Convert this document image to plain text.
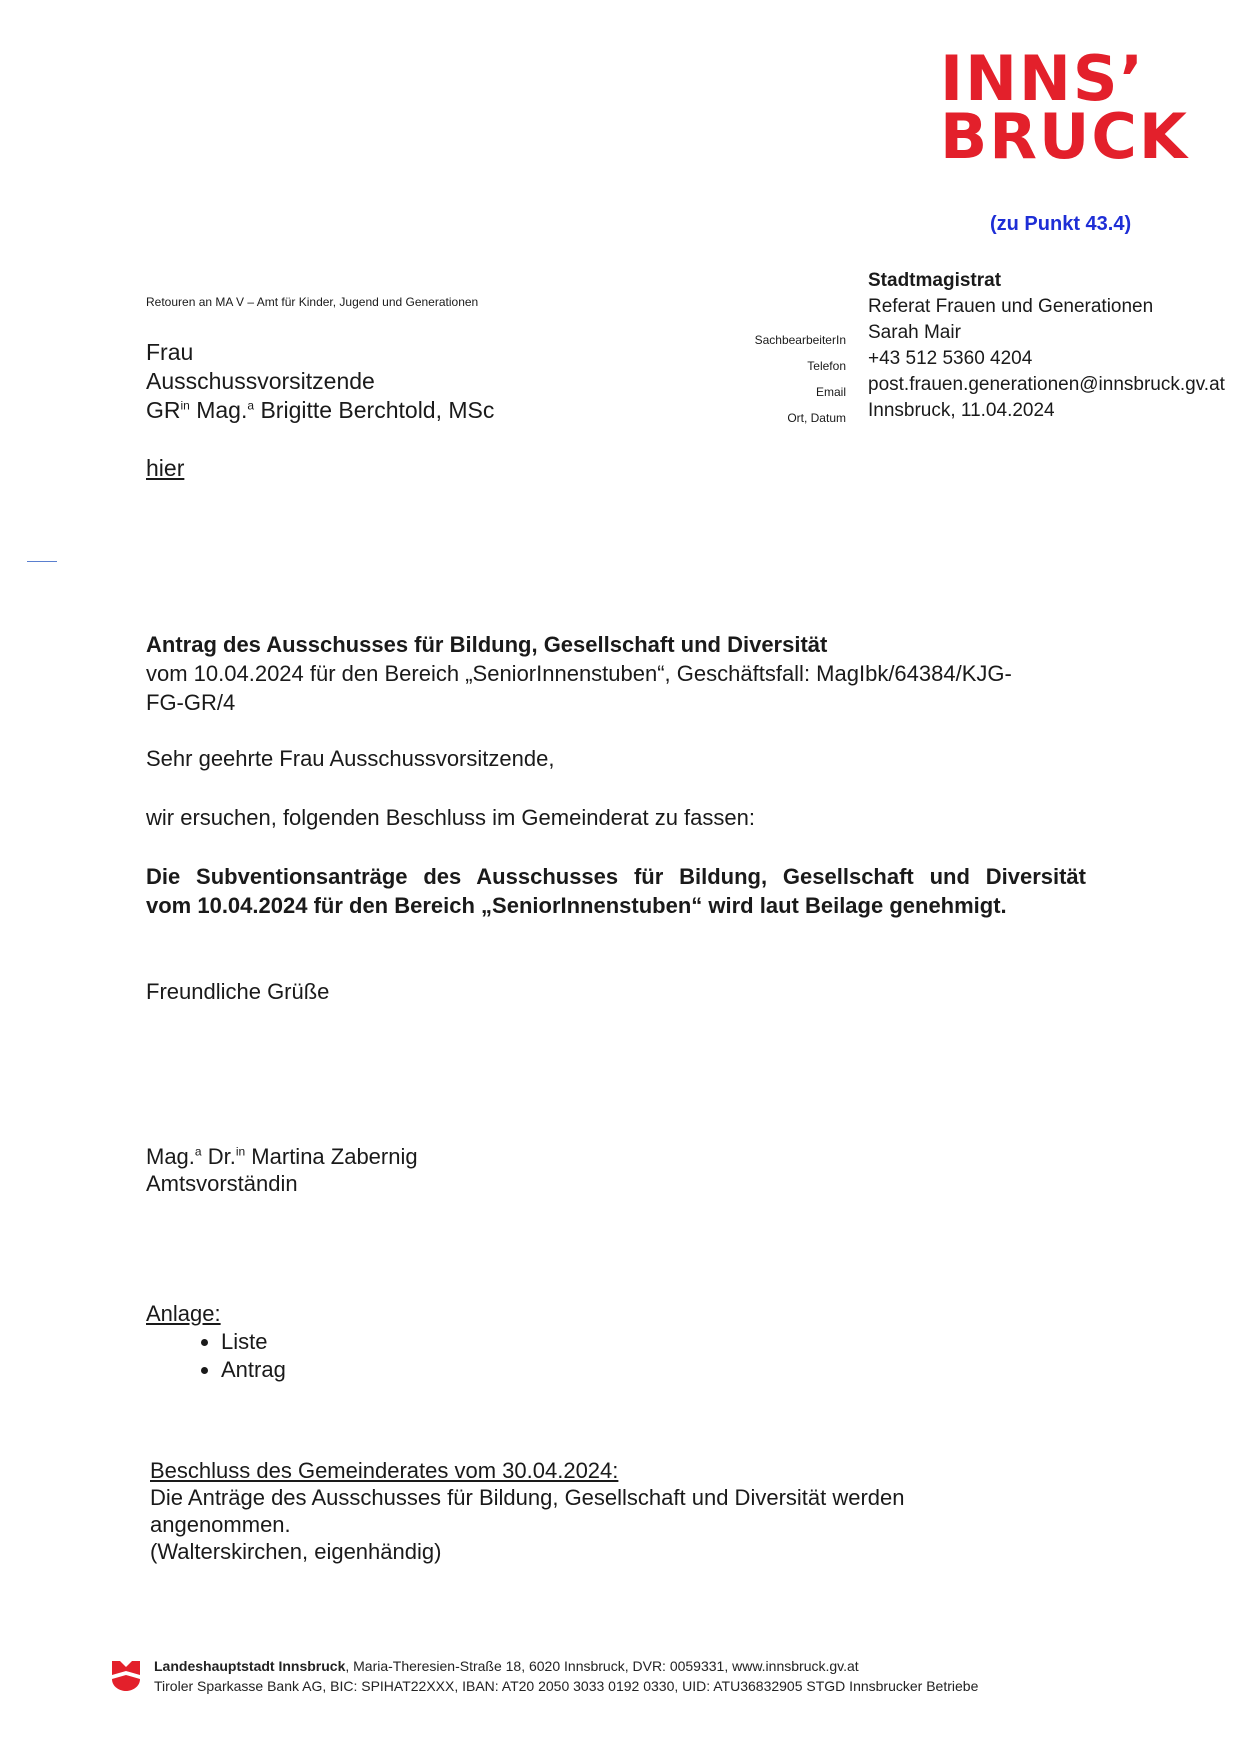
INNS’
BRUCK
(zu Punkt 43.4)
Retouren an MA V – Amt für Kinder, Jugend und Generationen
Frau
Ausschussvorsitzende
$GR^{in}$ Mag.$^a$ Brigitte Berchtold, MSc
hier
SachbearbeiterIn
Telefon
Email
Ort, Datum
Stadtmagistrat
Referat Frauen und Generationen
Sarah Mair
+43 512 5360 4204
post.frauen.generationen@innsbruck.gv.at
Innsbruck, 11.04.2024
Antrag des Ausschusses für Bildung, Gesellschaft und Diversität
vom 10.04.2024 für den Bereich „SeniorInnenstuben“, Geschäftsfall: MagIbk/64384/KJG-
FG-GR/4
Sehr geehrte Frau Ausschussvorsitzende,
wir ersuchen, folgenden Beschluss im Gemeinderat zu fassen:
Die Subventionsanträge des Ausschusses für Bildung, Gesellschaft und Diversität
vom 10.04.2024 für den Bereich „SeniorInnenstuben“ wird laut Beilage genehmigt.
Freundliche Grüße
Mag.$^a$ Dr.$^{in}$ Martina Zabernig
Amtsvorständin
Anlage:
• Liste
• Antrag
Beschluss des Gemeinderates vom 30.04.2024:
Die Anträge des Ausschusses für Bildung, Gesellschaft und Diversität werden
angenommen.
(Walterskirchen, eigenhändig)
Landeshauptstadt Innsbruck, Maria-Theresien-Straße 18, 6020 Innsbruck, DVR: 0059331, www.innsbruck.gv.at
Tiroler Sparkasse Bank AG, BIC: SPIHAT22XXX, IBAN: AT20 2050 3033 0192 0330, UID: ATU36832905 STGD Innsbrucker Betriebe
